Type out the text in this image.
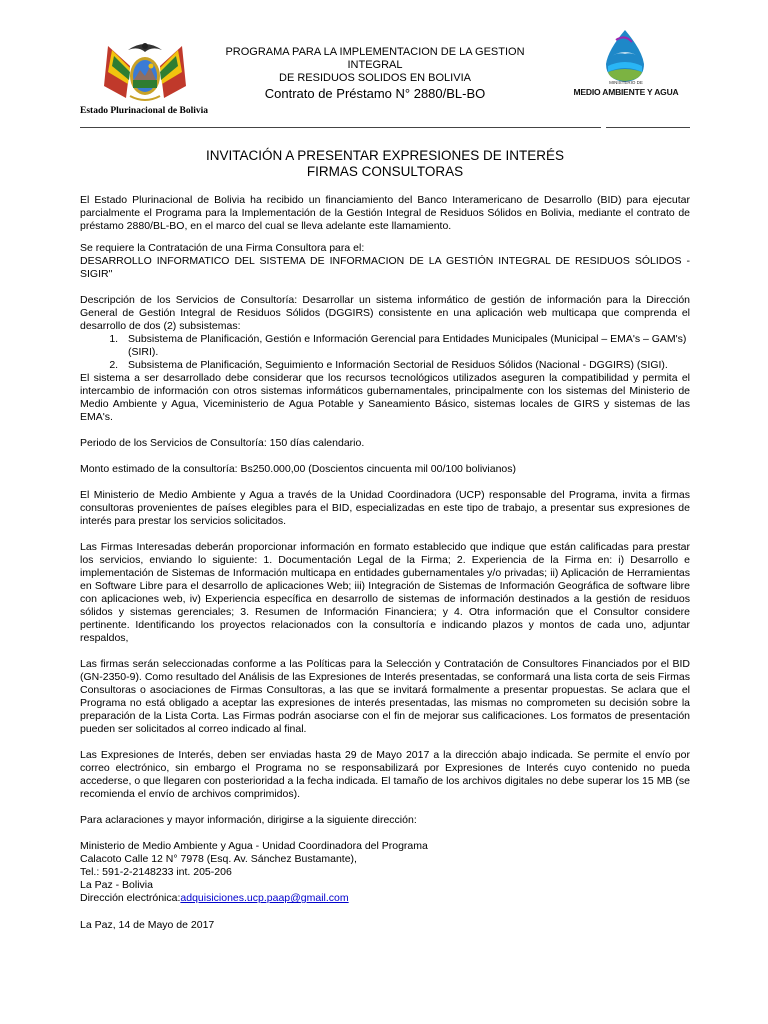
Estado Plurinacional de Bolivia
PROGRAMA PARA LA IMPLEMENTACION DE LA GESTION INTEGRAL
DE RESIDUOS SOLIDOS EN BOLIVIA
Contrato de Préstamo N° 2880/BL-BO
MINISTERIO DE
MEDIO AMBIENTE Y AGUA
INVITACIÓN A PRESENTAR EXPRESIONES DE INTERÉS
FIRMAS CONSULTORAS

El Estado Plurinacional de Bolivia ha recibido un financiamiento del Banco Interamericano de Desarrollo (BID) para ejecutar parcialmente el Programa para la Implementación de la Gestión Integral de Residuos Sólidos en Bolivia, mediante el contrato de préstamo 2880/BL-BO, en el marco del cual se lleva adelante este llamamiento.

Se requiere la Contratación de una Firma Consultora para el:

DESARROLLO INFORMATICO DEL SISTEMA DE INFORMACION DE LA GESTIÓN INTEGRAL DE RESIDUOS SÓLIDOS - SIGIR"

Descripción de los Servicios de Consultoría: Desarrollar un sistema informático de gestión de información para la Dirección General de Gestión Integral de Residuos Sólidos (DGGIRS) consistente en una aplicación web multicapa que comprenda el desarrollo de dos (2) subsistemas:

1. Subsistema de Planificación, Gestión e Información Gerencial para Entidades Municipales (Municipal – EMA's – GAM's) (SIRI).
2. Subsistema de Planificación, Seguimiento e Información Sectorial de Residuos Sólidos (Nacional - DGGIRS) (SIGI).

El sistema a ser desarrollado debe considerar que los recursos tecnológicos utilizados aseguren la compatibilidad y permita el intercambio de información con otros sistemas informáticos gubernamentales, principalmente con los sistemas del Ministerio de Medio Ambiente y Agua, Viceministerio de Agua Potable y Saneamiento Básico, sistemas locales de GIRS y sistemas de las EMA's.

Periodo de los Servicios de Consultoría: 150 días calendario.

Monto estimado de la consultoría: Bs250.000,00 (Doscientos cincuenta mil 00/100 bolivianos)

El Ministerio de Medio Ambiente y Agua a través de la Unidad Coordinadora (UCP) responsable del Programa, invita a firmas consultoras provenientes de países elegibles para el BID, especializadas en este tipo de trabajo, a presentar sus expresiones de interés para prestar los servicios solicitados.

Las Firmas Interesadas deberán proporcionar información en formato establecido que indique que están calificadas para prestar los servicios, enviando lo siguiente: 1. Documentación Legal de la Firma; 2. Experiencia de la Firma en: i) Desarrollo e implementación de Sistemas de Información multicapa en entidades gubernamentales y/o privadas; ii) Aplicación de Herramientas en Software Libre para el desarrollo de aplicaciones Web; iii) Integración de Sistemas de Información Geográfica de software libre con aplicaciones web, iv) Experiencia específica en desarrollo de sistemas de información destinados a la gestión de residuos sólidos y sistemas gerenciales; 3. Resumen de Información Financiera; y 4. Otra información que el Consultor considere pertinente. Identificando los proyectos relacionados con la consultoría e indicando plazos y montos de cada uno, adjuntar respaldos,

Las firmas serán seleccionadas conforme a las Políticas para la Selección y Contratación de Consultores Financiados por el BID (GN-2350-9). Como resultado del Análisis de las Expresiones de Interés presentadas, se conformará una lista corta de seis Firmas Consultoras o asociaciones de Firmas Consultoras, a las que se invitará formalmente a presentar propuestas. Se aclara que el Programa no está obligado a aceptar las expresiones de interés presentadas, las mismas no comprometen su decisión sobre la preparación de la Lista Corta. Las Firmas podrán asociarse con el fin de mejorar sus calificaciones. Los formatos de presentación pueden ser solicitados al correo indicado al final.

Las Expresiones de Interés, deben ser enviadas hasta 29 de Mayo 2017 a la dirección abajo indicada. Se permite el envío por correo electrónico, sin embargo el Programa no se responsabilizará por Expresiones de Interés cuyo contenido no pueda accederse, o que llegaren con posterioridad a la fecha indicada. El tamaño de los archivos digitales no debe superar los 15 MB (se recomienda el envío de archivos comprimidos).

Para aclaraciones y mayor información, dirigirse a la siguiente dirección:

Ministerio de Medio Ambiente y Agua - Unidad Coordinadora del Programa

Calacoto Calle 12 N° 7978 (Esq. Av. Sánchez Bustamante),

Tel.: 591-2-2148233 int. 205-206

La Paz - Bolivia

Dirección electrónica:adquisiciones.ucp.paap@gmail.com

La Paz, 14 de Mayo de 2017
